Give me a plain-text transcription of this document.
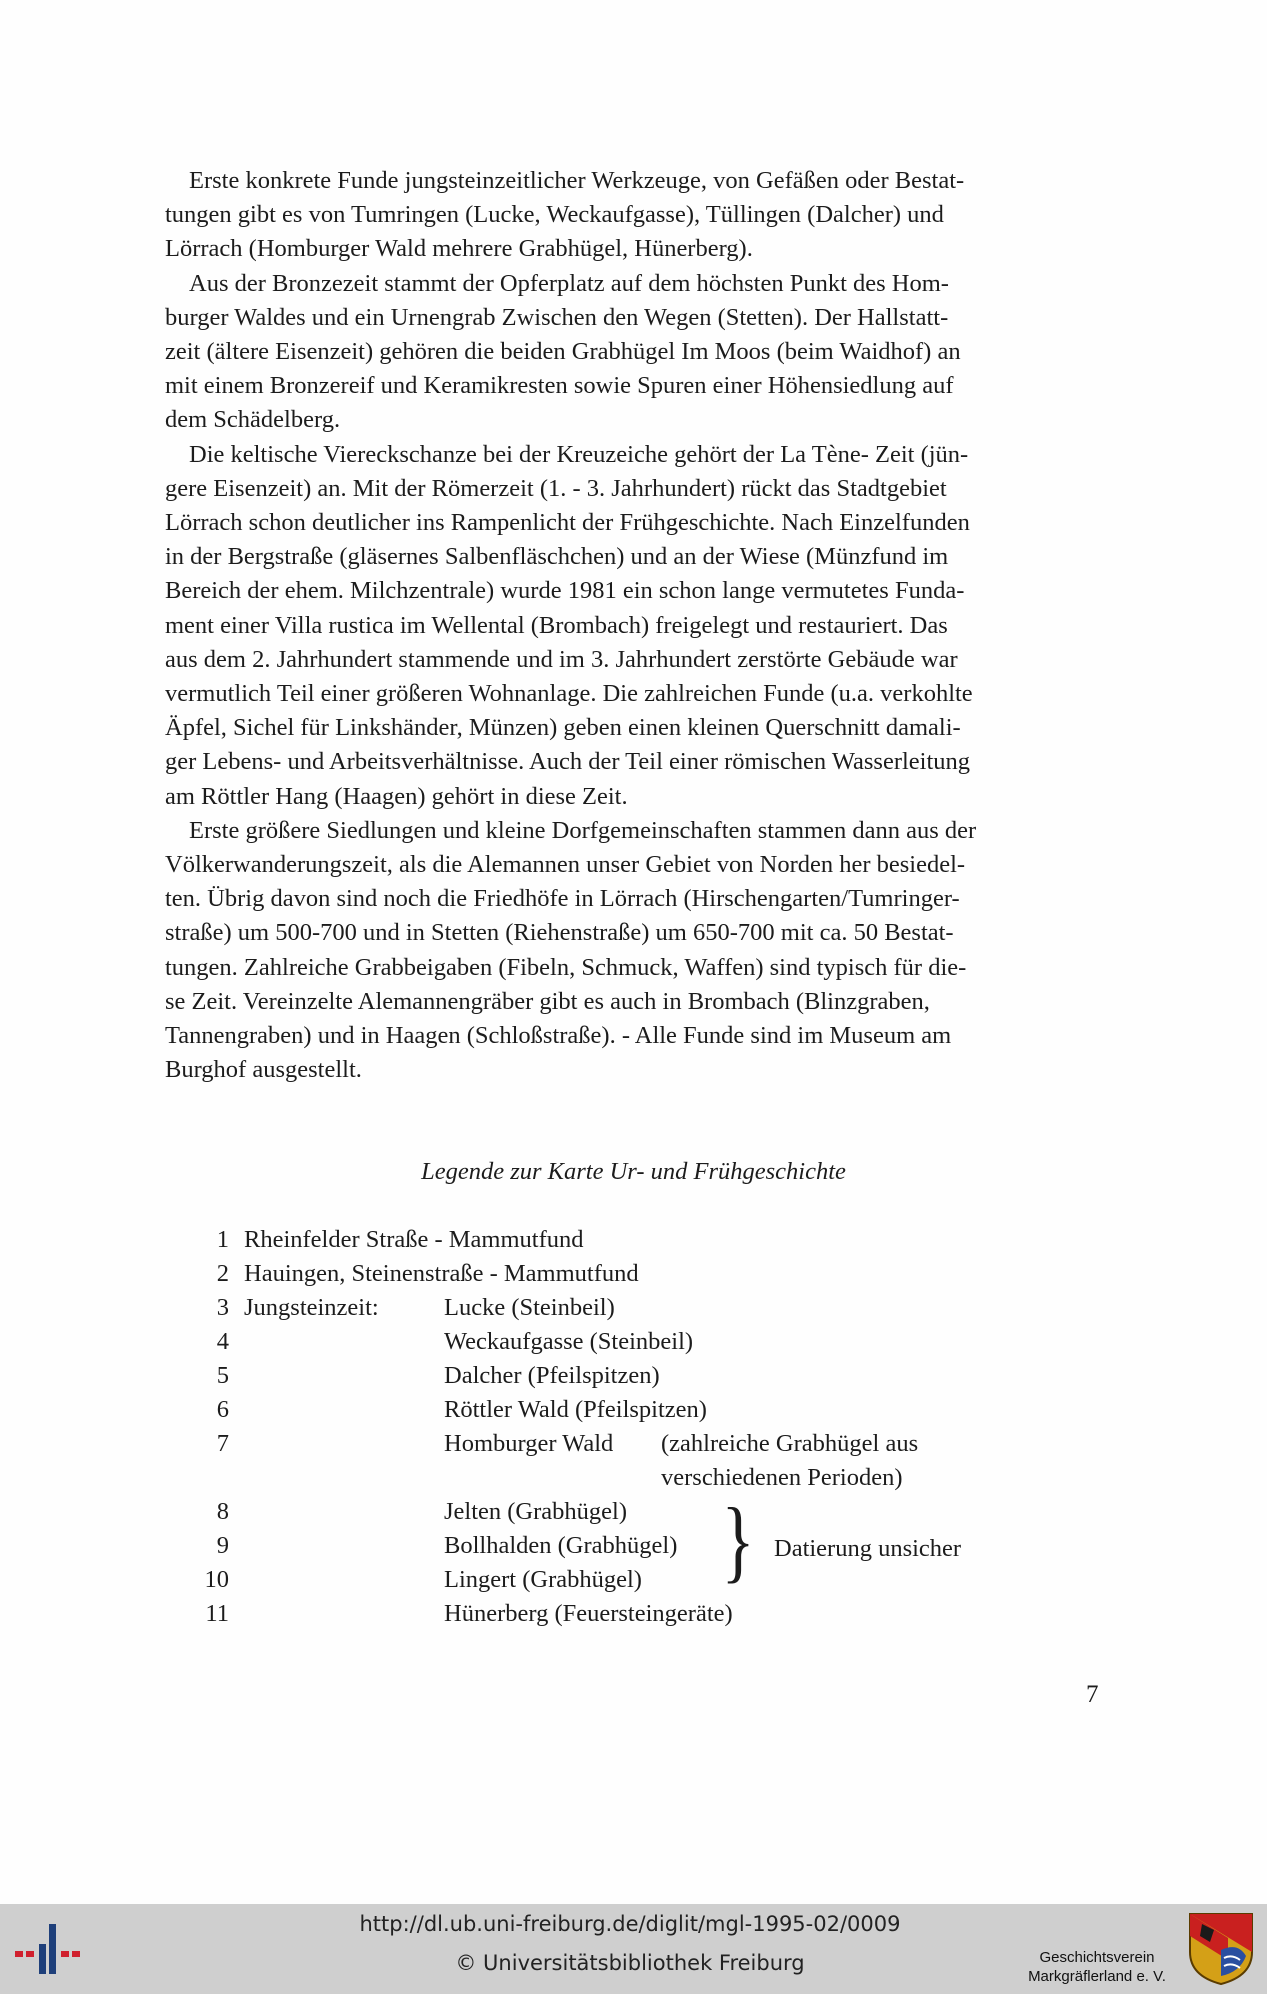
Erste konkrete Funde jungsteinzeitlicher Werkzeuge, von Gefäßen oder Bestat-
tungen gibt es von Tumringen (Lucke, Weckaufgasse), Tüllingen (Dalcher) und
Lörrach (Homburger Wald mehrere Grabhügel, Hünerberg).

Aus der Bronzezeit stammt der Opferplatz auf dem höchsten Punkt des Hom-
burger Waldes und ein Urnengrab Zwischen den Wegen (Stetten). Der Hallstatt-
zeit (ältere Eisenzeit) gehören die beiden Grabhügel Im Moos (beim Waidhof) an
mit einem Bronzereif und Keramikresten sowie Spuren einer Höhensiedlung auf
dem Schädelberg.

Die keltische Viereckschanze bei der Kreuzeiche gehört der La Tène- Zeit (jün-
gere Eisenzeit) an. Mit der Römerzeit (1. - 3. Jahrhundert) rückt das Stadtgebiet
Lörrach schon deutlicher ins Rampenlicht der Frühgeschichte. Nach Einzelfunden
in der Bergstraße (gläsernes Salbenfläschchen) und an der Wiese (Münzfund im
Bereich der ehem. Milchzentrale) wurde 1981 ein schon lange vermutetes Funda-
ment einer Villa rustica im Wellental (Brombach) freigelegt und restauriert. Das
aus dem 2. Jahrhundert stammende und im 3. Jahrhundert zerstörte Gebäude war
vermutlich Teil einer größeren Wohnanlage. Die zahlreichen Funde (u.a. verkohlte
Äpfel, Sichel für Linkshänder, Münzen) geben einen kleinen Querschnitt damali-
ger Lebens- und Arbeitsverhältnisse. Auch der Teil einer römischen Wasserleitung
am Röttler Hang (Haagen) gehört in diese Zeit.

Erste größere Siedlungen und kleine Dorfgemeinschaften stammen dann aus der
Völkerwanderungszeit, als die Alemannen unser Gebiet von Norden her besiedel-
ten. Übrig davon sind noch die Friedhöfe in Lörrach (Hirschengarten/Tumringer-
straße) um 500-700 und in Stetten (Riehenstraße) um 650-700 mit ca. 50 Bestat-
tungen. Zahlreiche Grabbeigaben (Fibeln, Schmuck, Waffen) sind typisch für die-
se Zeit. Vereinzelte Alemannengräber gibt es auch in Brombach (Blinzgraben,
Tannengraben) und in Haagen (Schloßstraße). - Alle Funde sind im Museum am
Burghof ausgestellt.

Legende zur Karte Ur- und Frühgeschichte
1 Rheinfelder Straße - Mammutfund
2 Hauingen, Steinenstraße - Mammutfund
3 Jungsteinzeit:	Lucke (Steinbeil)
4	Weckaufgasse (Steinbeil)
5	Dalcher (Pfeilspitzen)
6	Röttler Wald (Pfeilspitzen)
7	Homburger Wald (zahlreiche Grabhügel aus
verschiedenen Perioden)
8	Jelten (Grabhügel)
9	Bollhalden (Grabhügel)
10	Lingert (Grabhügel)
11	Hünerberg (Feuersteingeräte)
} Datierung unsicher
7
http://dl.ub.uni-freiburg.de/diglit/mgl-1995-02/0009
© Universitätsbibliothek Freiburg	Geschichtsverein
Markgräflerland e. V.
